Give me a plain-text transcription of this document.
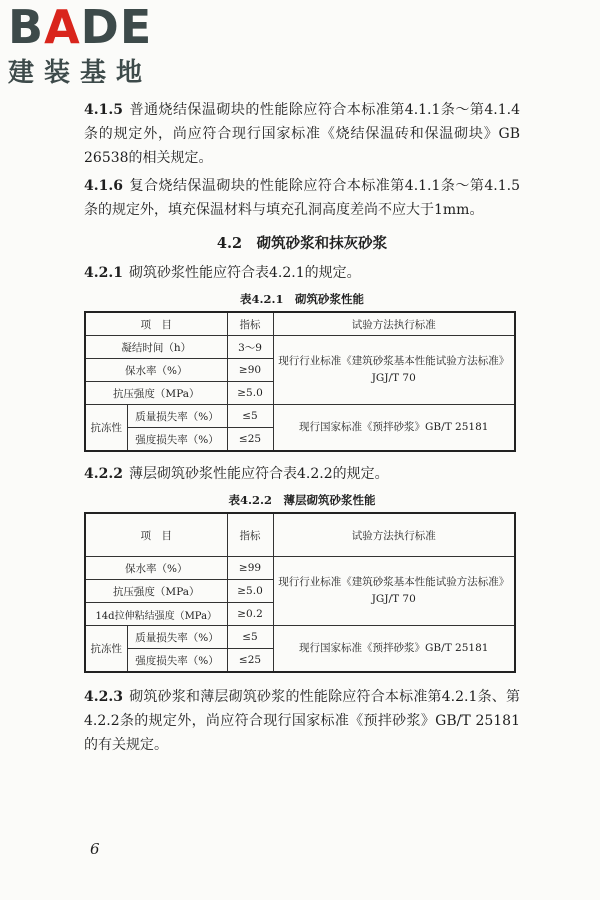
BADE
建装基地

4.1.5 普通烧结保温砌块的性能除应符合本标准第4.1.1条～第4.1.4条的规定外，尚应符合现行国家标准《烧结保温砖和保温砌块》GB 26538的相关规定。

4.1.6 复合烧结保温砌块的性能除应符合本标准第4.1.1条～第4.1.5条的规定外，填充保温材料与填充孔洞高度差尚不应大于1mm。

4.2　砌筑砂浆和抹灰砂浆

4.2.1 砌筑砂浆性能应符合表4.2.1的规定。

表4.2.1　砌筑砂浆性能
项　目		指标	试验方法执行标准
凝结时间（h）		3～9	现行行业标准《建筑砂浆基本性能试验方法标准》JGJ/T 70
保水率（%）		≥90	
抗压强度（MPa）		≥5.0	
抗冻性	质量损失率（%）	≤5	现行国家标准《预拌砂浆》GB/T 25181
	强度损失率（%）	≤25	

4.2.2 薄层砌筑砂浆性能应符合表4.2.2的规定。

表4.2.2　薄层砌筑砂浆性能
项　目		指标	试验方法执行标准
保水率（%）		≥99	现行行业标准《建筑砂浆基本性能试验方法标准》JGJ/T 70
抗压强度（MPa）		≥5.0	
14d拉伸粘结强度（MPa）		≥0.2	
抗冻性	质量损失率（%）	≤5	现行国家标准《预拌砂浆》GB/T 25181
	强度损失率（%）	≤25	

4.2.3 砌筑砂浆和薄层砌筑砂浆的性能除应符合本标准第4.2.1条、第4.2.2条的规定外，尚应符合现行国家标准《预拌砂浆》GB/T 25181的有关规定。

6
